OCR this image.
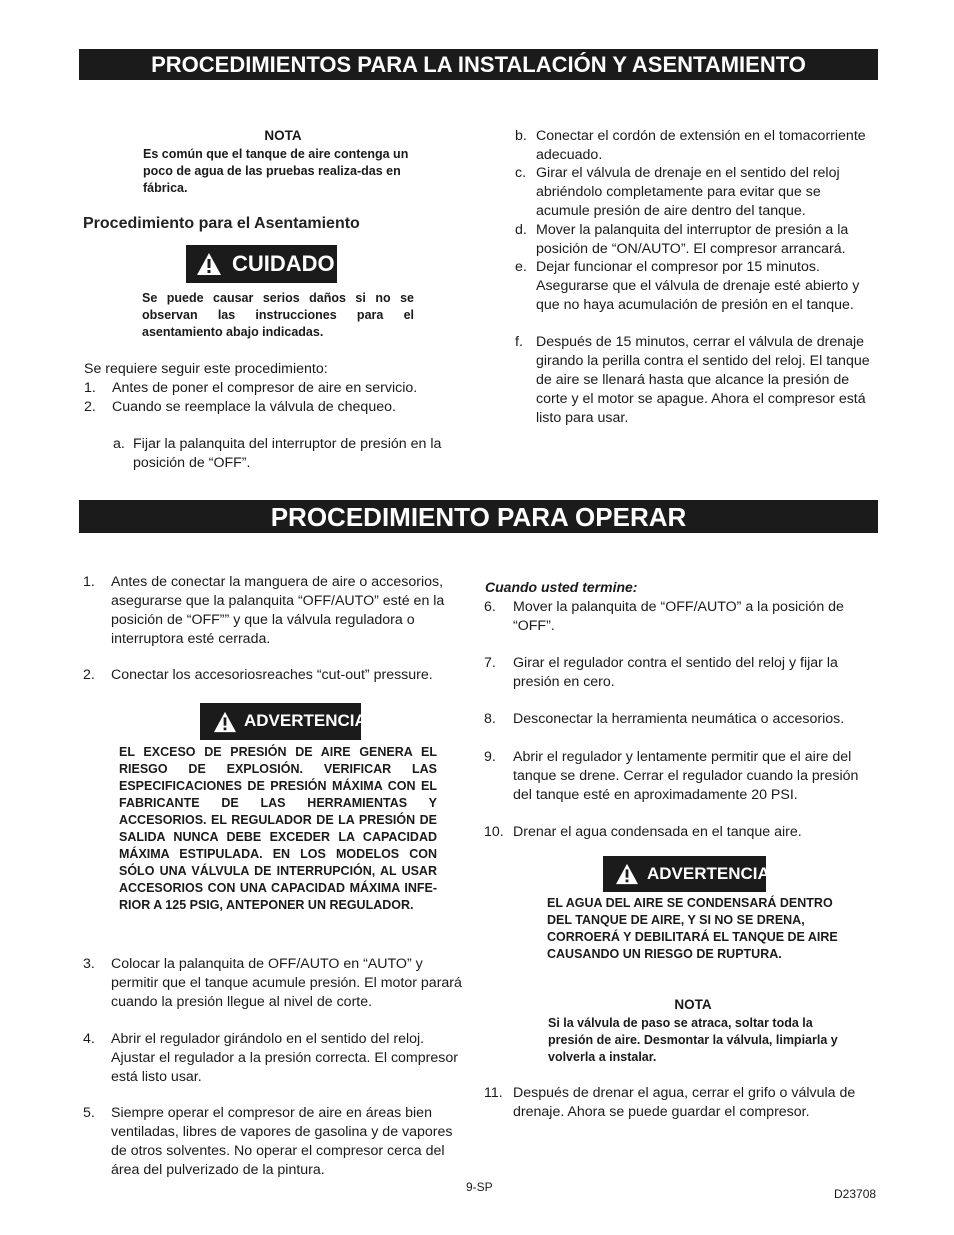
PROCEDIMIENTOS PARA LA INSTALACIÓN Y ASENTAMIENTO
NOTA
Es común que el tanque de aire contenga un poco de agua de las pruebas realiza-das en fábrica.
Procedimiento para el Asentamiento
CUIDADO
Se puede causar serios daños si no se observan las instrucciones para el asentamiento abajo indicadas.
Se requiere seguir este procedimiento:
1. Antes de poner el compresor de aire en servicio.
2. Cuando se reemplace la válvula de chequeo.
a. Fijar la palanquita del interruptor de presión en la posición de “OFF”.
b. Conectar el cordón de extensión en el tomacorriente adecuado.
c. Girar el válvula de drenaje en el sentido del reloj abriéndolo completamente para evitar que se acumule presión de aire dentro del tanque.
d. Mover la palanquita del interruptor de presión a la posición de “ON/AUTO”. El compresor arrancará.
e. Dejar funcionar el compresor por 15 minutos. Asegurarse que el válvula de drenaje esté abierto y que no haya acumulación de presión en el tanque.
f. Después de 15 minutos, cerrar el válvula de drenaje girando la perilla contra el sentido del reloj. El tanque de aire se llenará hasta que alcance la presión de corte y el motor se apague. Ahora el compresor está listo para usar.
PROCEDIMIENTO PARA OPERAR
1. Antes de conectar la manguera de aire o accesorios, asegurarse que la palanquita “OFF/AUTO” esté en la posición de “OFF”” y que la válvula reguladora o interruptora esté cerrada.
2. Conectar los accesoriosreaches “cut-out” pressure.
ADVERTENCIA
EL EXCESO DE PRESIÓN DE AIRE GENERA EL RIESGO DE EXPLOSIÓN. VERIFICAR LAS ESPECIFICACIONES DE PRESIÓN MÁXIMA CON EL FABRICANTE DE LAS HERRAMIENTAS Y ACCESORIOS. EL REGULADOR DE LA PRESIÓN DE SALIDA NUNCA DEBE EXCEDER LA CAPACIDAD MÁXIMA ESTIPULADA. EN LOS MODELOS CON SÓLO UNA VÁLVULA DE INTERRUPCIÓN, AL USAR ACCESORIOS CON UNA CAPACIDAD MÁXIMA INFE-RIOR A 125 PSIG, ANTEPONER UN REGULADOR.
3. Colocar la palanquita de OFF/AUTO en “AUTO” y permitir que el tanque acumule presión. El motor parará cuando la presión llegue al nivel de corte.
4. Abrir el regulador girándolo en el sentido del reloj. Ajustar el regulador a la presión correcta. El compresor está listo usar.
5. Siempre operar el compresor de aire en áreas bien ventiladas, libres de vapores de gasolina y de vapores de otros solventes. No operar el compresor cerca del área del pulverizado de la pintura.
Cuando usted termine:
6. Mover la palanquita de “OFF/AUTO” a la posición de “OFF”.
7. Girar el regulador contra el sentido del reloj y fijar la presión en cero.
8. Desconectar la herramienta neumática o accesorios.
9. Abrir el regulador y lentamente permitir que el aire del tanque se drene. Cerrar el regulador cuando la presión del tanque esté en aproximadamente 20 PSI.
10. Drenar el agua condensada en el tanque aire.
ADVERTENCIA
EL AGUA DEL AIRE SE CONDENSARÁ DENTRO DEL TANQUE DE AIRE, Y SI NO SE DRENA, CORROERÁ Y DEBILITARÁ EL TANQUE DE AIRE CAUSANDO UN RIESGO DE RUPTURA.
NOTA
Si la válvula de paso se atraca, soltar toda la presión de aire. Desmontar la válvula, limpiarla y volverla a instalar.
11. Después de drenar el agua, cerrar el grifo o válvula de drenaje. Ahora se puede guardar el compresor.
9-SP	D23708
